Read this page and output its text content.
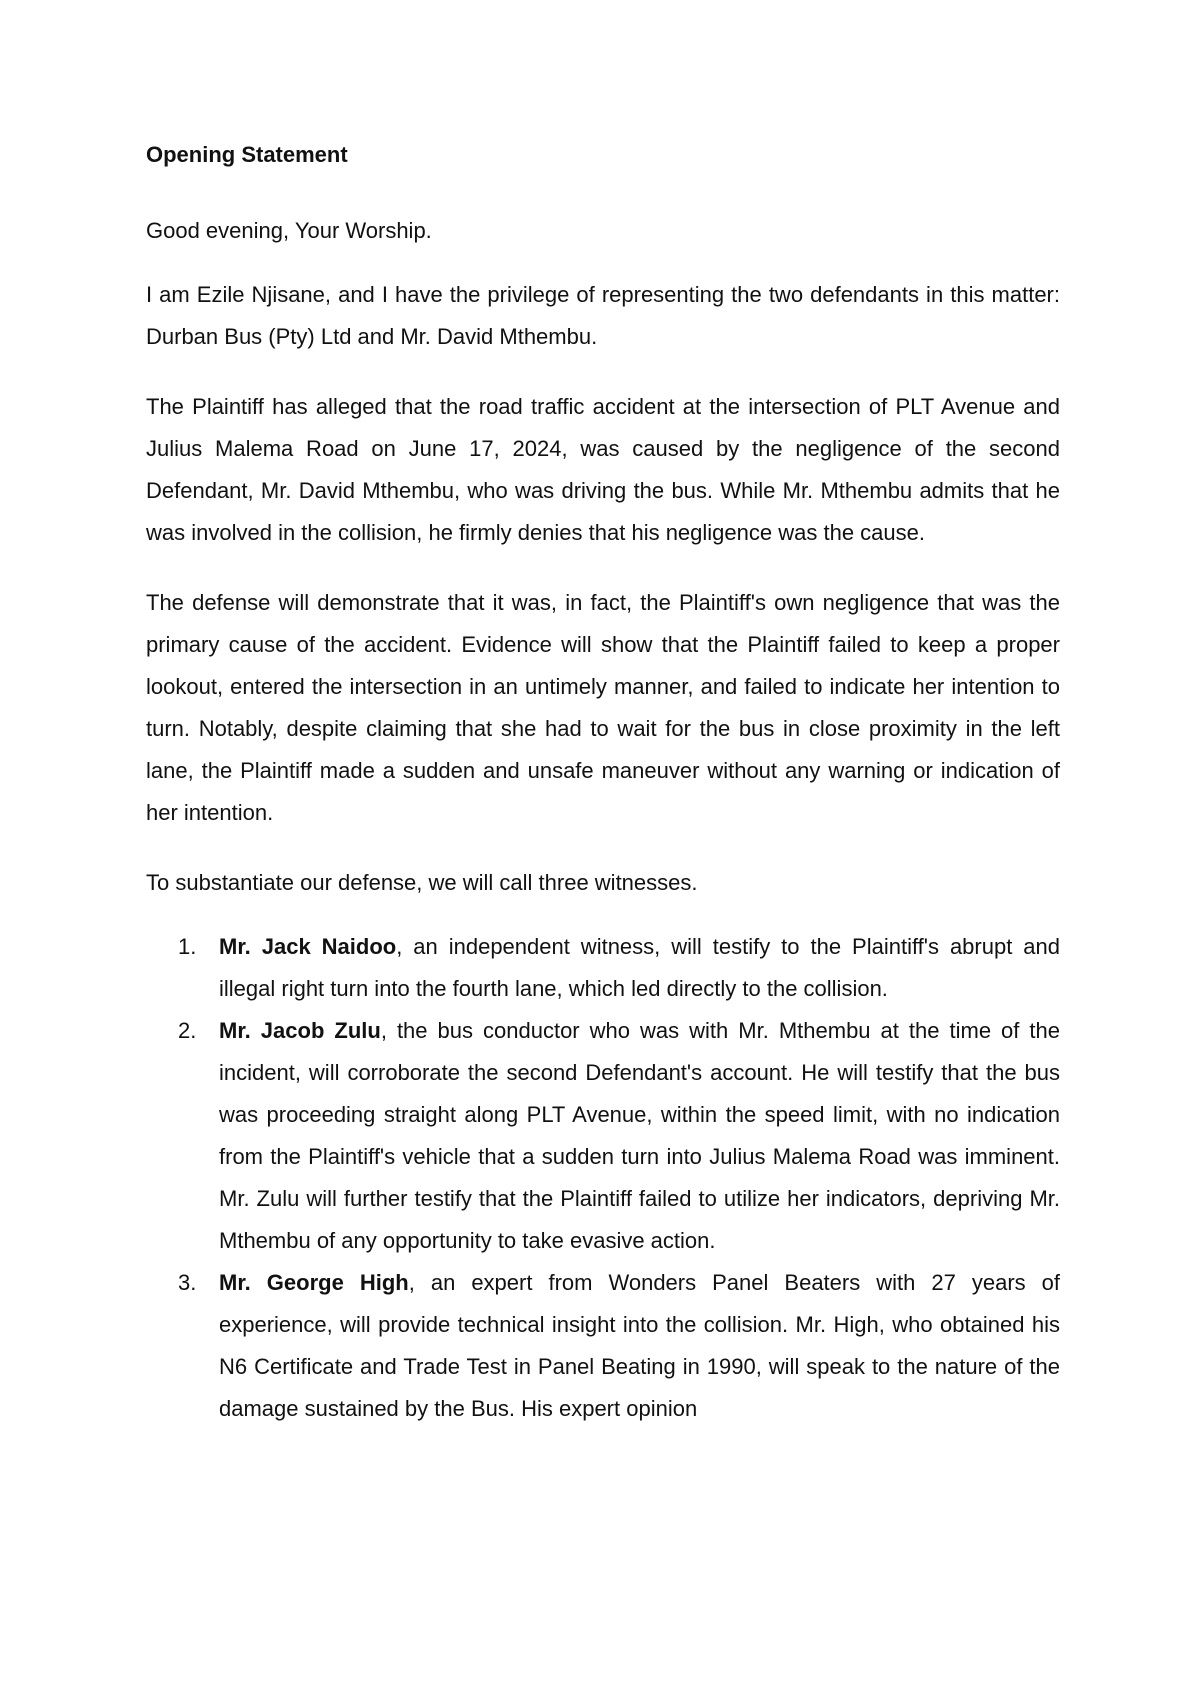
Opening Statement

Good evening, Your Worship.

I am Ezile Njisane, and I have the privilege of representing the two defendants in this matter: Durban Bus (Pty) Ltd and Mr. David Mthembu.

The Plaintiff has alleged that the road traffic accident at the intersection of PLT Avenue and Julius Malema Road on June 17, 2024, was caused by the negligence of the second Defendant, Mr. David Mthembu, who was driving the bus. While Mr. Mthembu admits that he was involved in the collision, he firmly denies that his negligence was the cause.

The defense will demonstrate that it was, in fact, the Plaintiff's own negligence that was the primary cause of the accident. Evidence will show that the Plaintiff failed to keep a proper lookout, entered the intersection in an untimely manner, and failed to indicate her intention to turn. Notably, despite claiming that she had to wait for the bus in close proximity in the left lane, the Plaintiff made a sudden and unsafe maneuver without any warning or indication of her intention.

To substantiate our defense, we will call three witnesses.

1. Mr. Jack Naidoo, an independent witness, will testify to the Plaintiff's abrupt and illegal right turn into the fourth lane, which led directly to the collision.
2. Mr. Jacob Zulu, the bus conductor who was with Mr. Mthembu at the time of the incident, will corroborate the second Defendant's account. He will testify that the bus was proceeding straight along PLT Avenue, within the speed limit, with no indication from the Plaintiff's vehicle that a sudden turn into Julius Malema Road was imminent. Mr. Zulu will further testify that the Plaintiff failed to utilize her indicators, depriving Mr. Mthembu of any opportunity to take evasive action.
3. Mr. George High, an expert from Wonders Panel Beaters with 27 years of experience, will provide technical insight into the collision. Mr. High, who obtained his N6 Certificate and Trade Test in Panel Beating in 1990, will speak to the nature of the damage sustained by the Bus. His expert opinion
